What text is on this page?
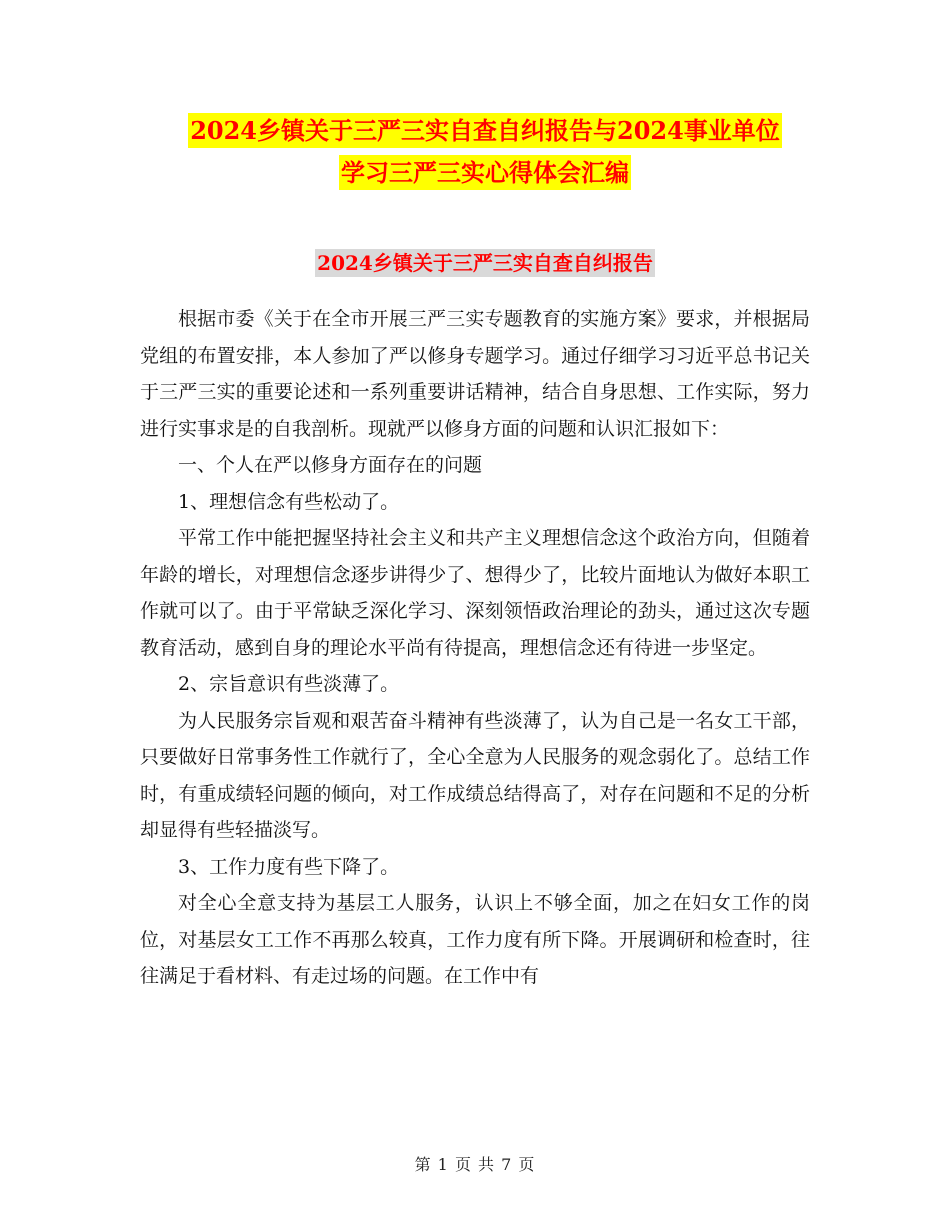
2024乡镇关于三严三实自查自纠报告与2024事业单位
学习三严三实心得体会汇编
2024乡镇关于三严三实自查自纠报告

根据市委《关于在全市开展三严三实专题教育的实施方案》要求，并根据局党组的布置安排，本人参加了严以修身专题学习。通过仔细学习习近平总书记关于三严三实的重要论述和一系列重要讲话精神，结合自身思想、工作实际，努力进行实事求是的自我剖析。现就严以修身方面的问题和认识汇报如下：

一、个人在严以修身方面存在的问题

1、理想信念有些松动了。

平常工作中能把握坚持社会主义和共产主义理想信念这个政治方向，但随着年龄的增长，对理想信念逐步讲得少了、想得少了，比较片面地认为做好本职工作就可以了。由于平常缺乏深化学习、深刻领悟政治理论的劲头，通过这次专题教育活动，感到自身的理论水平尚有待提高，理想信念还有待进一步坚定。

2、宗旨意识有些淡薄了。

为人民服务宗旨观和艰苦奋斗精神有些淡薄了，认为自己是一名女工干部，只要做好日常事务性工作就行了，全心全意为人民服务的观念弱化了。总结工作时，有重成绩轻问题的倾向，对工作成绩总结得高了，对存在问题和不足的分析却显得有些轻描淡写。

3、工作力度有些下降了。

对全心全意支持为基层工人服务，认识上不够全面，加之在妇女工作的岗位，对基层女工工作不再那么较真，工作力度有所下降。开展调研和检查时，往往满足于看材料、有走过场的问题。在工作中有

第 1 页 共 7 页
